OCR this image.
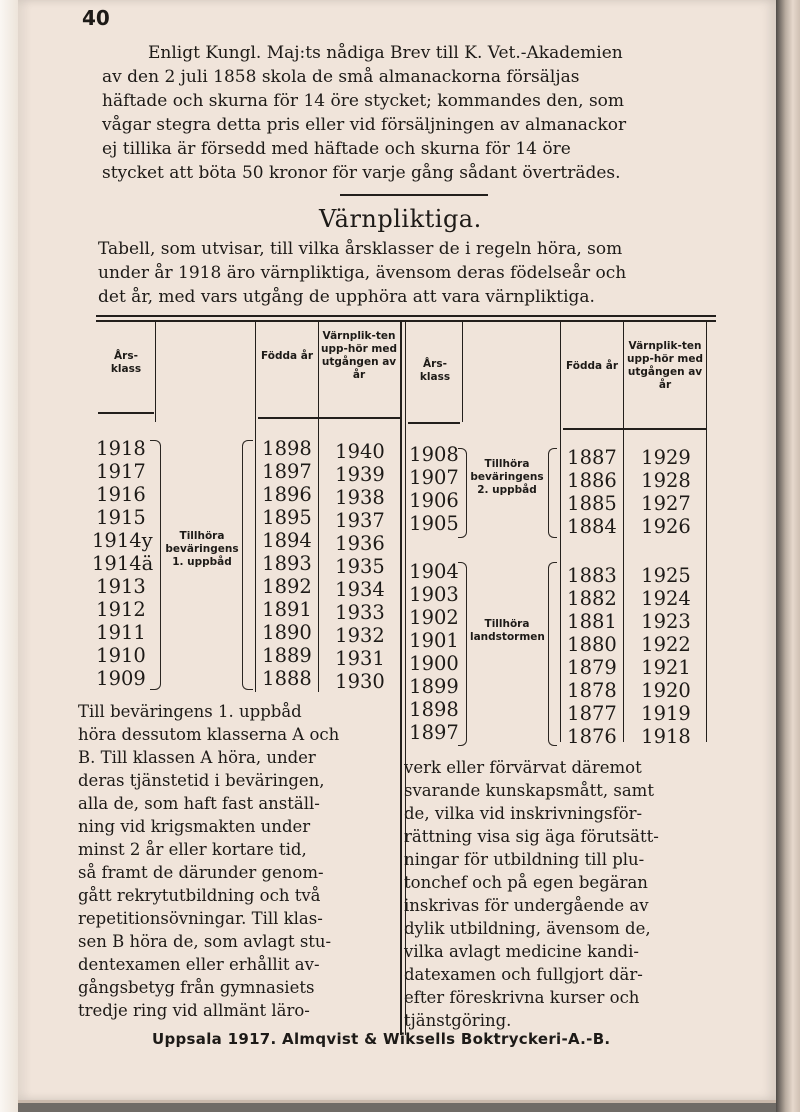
40
Enligt Kungl. Maj:ts nådiga Brev till K. Vet.-Akademien
av den 2 juli 1858 skola de små almanackorna försäljas
häftade och skurna för 14 öre stycket; kommandes den, som
vågar stegra detta pris eller vid försäljningen av almanackor
ej tillika är försedd med häftade och skurna för 14 öre
stycket att böta 50 kronor för varje gång sådant överträdes.
Värnpliktiga.
Tabell, som utvisar, till vilka årsklasser de i regeln höra, som
under år 1918 äro värnpliktiga, ävensom deras födelseår och
det år, med vars utgång de upphöra att vara värnpliktiga.
Års-klass
Födda år
Värnplik-ten upp-hör med utgången av år
Års-klass
Födda år
Värnplik-ten upp-hör med utgången av år
1918
1917
1916
1915
1914y
1914ä
1913
1912
1911
1910
1909
1898
1897
1896
1895
1894
1893
1892
1891
1890
1889
1888
1940
1939
1938
1937
1936
1935
1934
1933
1932
1931
1930
1908
1907
1906
1905
1887
1886
1885
1884
1929
1928
1927
1926
1904
1903
1902
1901
1900
1899
1898
1897
1883
1882
1881
1880
1879
1878
1877
1876
1925
1924
1923
1922
1921
1920
1919
1918
Tillhöra beväringens 1. uppbåd
Tillhöra beväringens 2. uppbåd
Tillhöra landstormen
Till beväringens 1. uppbåd
höra dessutom klasserna A och
B. Till klassen A höra, under
deras tjänstetid i beväringen,
alla de, som haft fast anställ-
ning vid krigsmakten under
minst 2 år eller kortare tid,
så framt de därunder genom-
gått rekrytutbildning och två
repetitionsövningar. Till klas-
sen B höra de, som avlagt stu-
dentexamen eller erhållit av-
gångsbetyg från gymnasiets
tredje ring vid allmänt läro-
verk eller förvärvat däremot
svarande kunskapsmått, samt
de, vilka vid inskrivningsför-
rättning visa sig äga förutsätt-
ningar för utbildning till plu-
tonchef och på egen begäran
inskrivas för undergående av
dylik utbildning, ävensom de,
vilka avlagt medicine kandi-
datexamen och fullgjort där-
efter föreskrivna kurser och
tjänstgöring.
Uppsala 1917. Almqvist & Wiksells Boktryckeri-A.-B.
